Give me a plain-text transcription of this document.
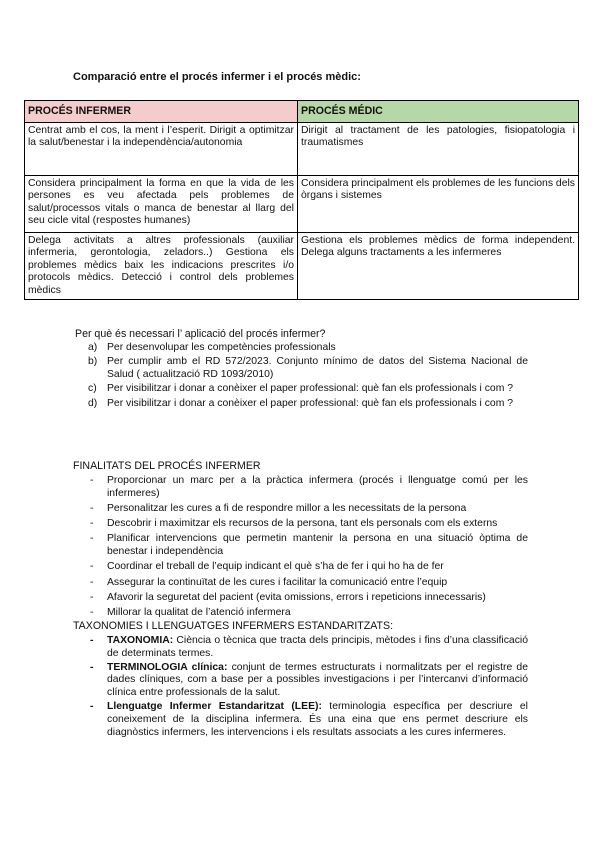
Comparació entre el procés infermer i el procés mèdic:
PROCÉS INFERMER	PROCÉS MÉDIC
Centrat amb el cos, la ment i l’esperit. Dirigit a optimitzar la salut/benestar i la independència/autonomia	Dirigit al tractament de les patologies, fisiopatologia i traumatismes
Considera principalment la forma en que la vida de les persones es veu afectada pels problemes de salut/processos vitals o manca de benestar al llarg del seu cicle vital (respostes humanes)	Considera principalment els problemes de les funcions dels òrgans i sistemes
Delega activitats a altres professionals (auxiliar infermeria, gerontologia, zeladors..) Gestiona els problemes mèdics baix les indicacions prescrites i/o protocols mèdics. Detecció i control dels problemes mèdics	Gestiona els problemes mèdics de forma independent. Delega alguns tractaments a les infermeres
Per què és necessari l’ aplicació del procés infermer?
a) Per desenvolupar les competències professionals
b) Per cumplir amb el RD 572/2023. Conjunto mínimo de datos del Sistema Nacional de Salud ( actualització RD 1093/2010)
c) Per visibilitzar i donar a conèixer el paper professional: què fan els professionals i com ?
d) Per visibilitzar i donar a conèixer el paper professional: què fan els professionals i com ?
FINALITATS DEL PROCÉS INFERMER
- Proporcionar un marc per a la pràctica infermera (procés i llenguatge comú per les infermeres)
- Personalitzar les cures a fi de respondre millor a les necessitats de la persona
- Descobrir i maximitzar els recursos de la persona, tant els personals com els externs
- Planificar intervencions que permetin mantenir la persona en una situació òptima de benestar i independència
- Coordinar el treball de l’equip indicant el què s’ha de fer i qui ho ha de fer
- Assegurar la continuïtat de les cures i facilitar la comunicació entre l’equip
- Afavorir la seguretat del pacient (evita omissions, errors i repeticions innecessaris)
- Millorar la qualitat de l’atenció infermera
TAXONOMIES I LLENGUATGES INFERMERS ESTANDARITZATS:
- TAXONOMIA: Ciència o tècnica que tracta dels principis, mètodes i fins d’una classificació de determinats termes.
- TERMINOLOGIA clínica: conjunt de termes estructurats i normalitzats per el registre de dades clíniques, com a base per a possibles investigacions i per l’intercanvi d’informació clínica entre professionals de la salut.
- Llenguatge Infermer Estandaritzat (LEE): terminologia específica per descriure el coneixement de la disciplina infermera. És una eina que ens permet descriure els diagnòstics infermers, les intervencions i els resultats associats a les cures infermeres.
